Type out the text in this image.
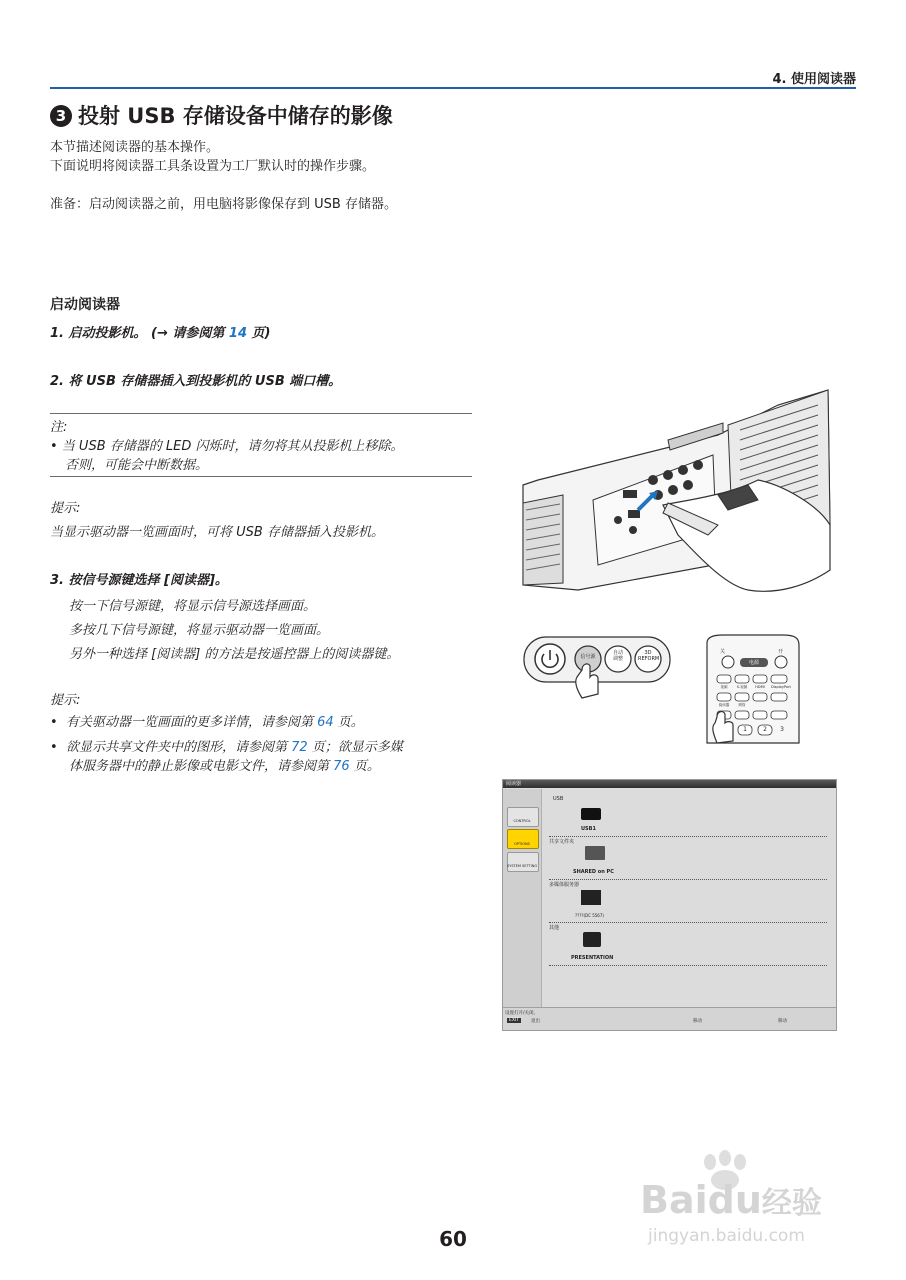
4. 使用阅读器
3 投射 USB 存储设备中储存的影像
本节描述阅读器的基本操作。
下面说明将阅读器工具条设置为工厂默认时的操作步骤。
准备：启动阅读器之前，用电脑将影像保存到 USB 存储器。
启动阅读器
1. 启动投影机。 (→ 请参阅第 14 页)
2. 将 USB 存储器插入到投影机的 USB 端口槽。
注:
• 当 USB 存储器的 LED 闪烁时，请勿将其从投影机上移除。
否则，可能会中断数据。
提示:
当显示驱动器一览画面时，可将 USB 存储器插入投影机。
3. 按信号源键选择 [阅读器]。
按一下信号源键，将显示信号源选择画面。
多按几下信号源键，将显示驱动器一览画面。
另外一种选择 [阅读器] 的方法是按遥控器上的阅读器键。
提示:
•  有关驱动器一览画面的更多详情，请参阅第 64 页。
•  欲显示共享文件夹中的图形，请参阅第 72 页；欲显示多媒
体服务器中的静止影像或电影文件，请参阅第 76 页。
信号源
自动
调整
3D
REFORM
关	开
电源
视频	S-视频	HDMI	DisplayPort
阅读器	网络
1	2	3
阅读器
CONTROL
OPTIONS
SYSTEM SETTING
USB
USB1
共享文件夹
SHARED on PC
多媒体服务器
????(DC 5567)
其他
PRESENTATION
设置打开/关闭。
EXIT	退出	移动	移动
60
Baidu经验
jingyan.baidu.com
